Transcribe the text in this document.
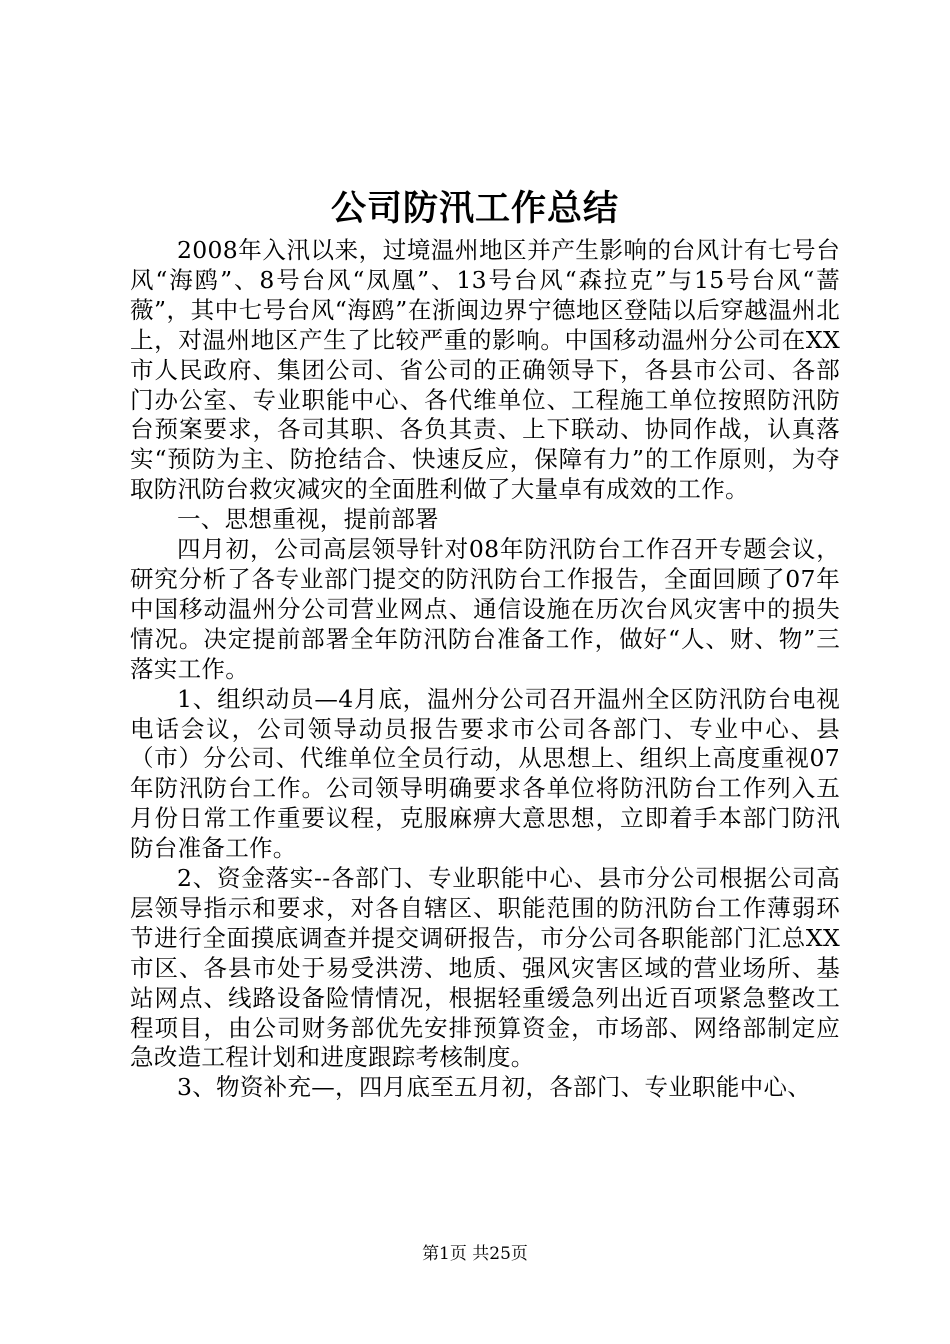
公司防汛工作总结

2008年入汛以来，过境温州地区并产生影响的台风计有七号台风“海鸥”、8号台风“凤凰”、13号台风“森拉克”与15号台风“蔷薇”，其中七号台风“海鸥”在浙闽边界宁德地区登陆以后穿越温州北上，对温州地区产生了比较严重的影响。中国移动温州分公司在XX市人民政府、集团公司、省公司的正确领导下，各县市公司、各部门办公室、专业职能中心、各代维单位、工程施工单位按照防汛防台预案要求，各司其职、各负其责、上下联动、协同作战，认真落实“预防为主、防抢结合、快速反应，保障有力”的工作原则，为夺取防汛防台救灾减灾的全面胜利做了大量卓有成效的工作。

一、思想重视，提前部署

四月初，公司高层领导针对08年防汛防台工作召开专题会议，研究分析了各专业部门提交的防汛防台工作报告，全面回顾了07年中国移动温州分公司营业网点、通信设施在历次台风灾害中的损失情况。决定提前部署全年防汛防台准备工作，做好“人、财、物”三落实工作。

1、组织动员—4月底，温州分公司召开温州全区防汛防台电视电话会议，公司领导动员报告要求市公司各部门、专业中心、县（市）分公司、代维单位全员行动，从思想上、组织上高度重视07年防汛防台工作。公司领导明确要求各单位将防汛防台工作列入五月份日常工作重要议程，克服麻痹大意思想，立即着手本部门防汛防台准备工作。

2、资金落实--各部门、专业职能中心、县市分公司根据公司高层领导指示和要求，对各自辖区、职能范围的防汛防台工作薄弱环节进行全面摸底调查并提交调研报告，市分公司各职能部门汇总XX市区、各县市处于易受洪涝、地质、强风灾害区域的营业场所、基站网点、线路设备险情情况，根据轻重缓急列出近百项紧急整改工程项目，由公司财务部优先安排预算资金，市场部、网络部制定应急改造工程计划和进度跟踪考核制度。

3、物资补充—，四月底至五月初，各部门、专业职能中心、

第1页 共25页
